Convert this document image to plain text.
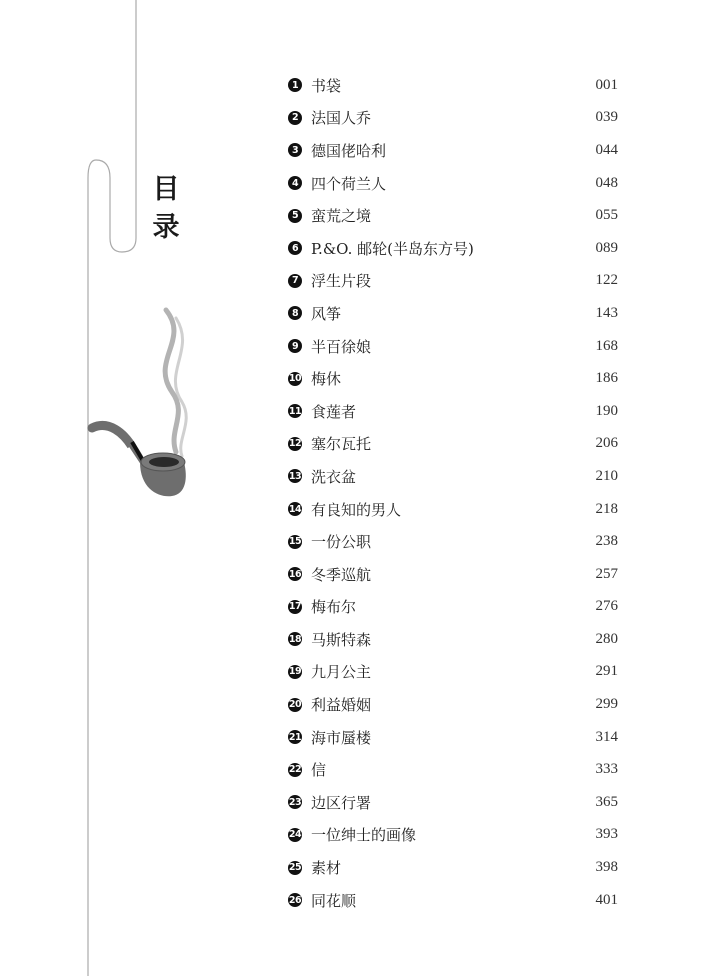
目
录
1 书袋	001
2 法国人乔	039
3 德国佬哈利	044
4 四个荷兰人	048
5 蛮荒之境	055
6 P.&O. 邮轮(半岛东方号)	089
7 浮生片段	122
8 风筝	143
9 半百徐娘	168
10 梅休	186
11 食莲者	190
12 塞尔瓦托	206
13 洗衣盆	210
14 有良知的男人	218
15 一份公职	238
16 冬季巡航	257
17 梅布尔	276
18 马斯特森	280
19 九月公主	291
20 利益婚姻	299
21 海市蜃楼	314
22 信	333
23 边区行署	365
24 一位绅士的画像	393
25 素材	398
26 同花顺	401
